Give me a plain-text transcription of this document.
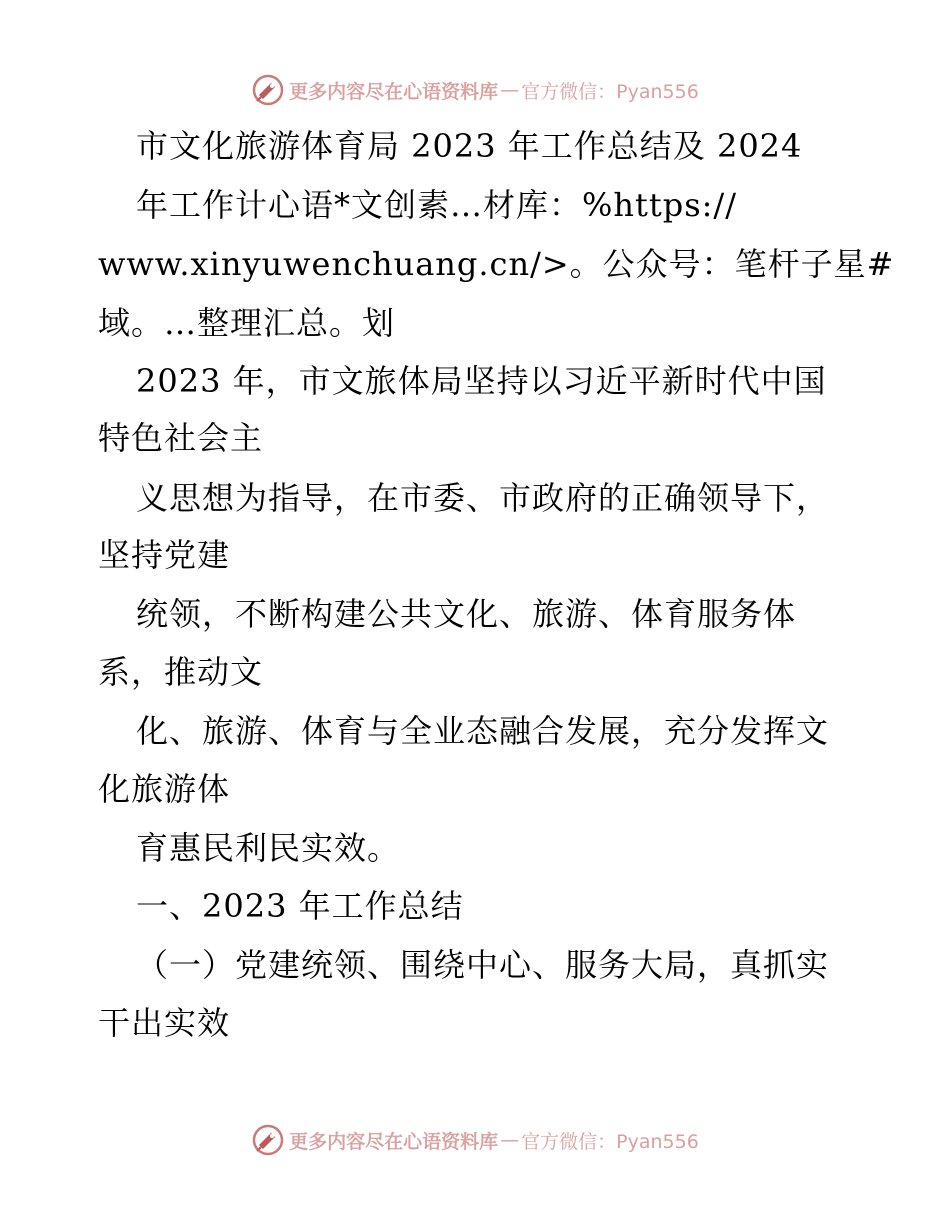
更多内容尽在心语资料库 — 官方微信：Pyan556
市文化旅游体育局 2023 年工作总结及 2024
年工作计心语*文创素…材库：%https://
www.xinyuwenchuang.cn/>。公众号：笔杆子星#
域。…整理汇总。划
2023 年，市文旅体局坚持以习近平新时代中国
特色社会主
义思想为指导，在市委、市政府的正确领导下，
坚持党建
统领，不断构建公共文化、旅游、体育服务体
系，推动文
化、旅游、体育与全业态融合发展，充分发挥文
化旅游体
育惠民利民实效。
一、2023 年工作总结
（一）党建统领、围绕中心、服务大局，真抓实
干出实效
更多内容尽在心语资料库 — 官方微信：Pyan556
